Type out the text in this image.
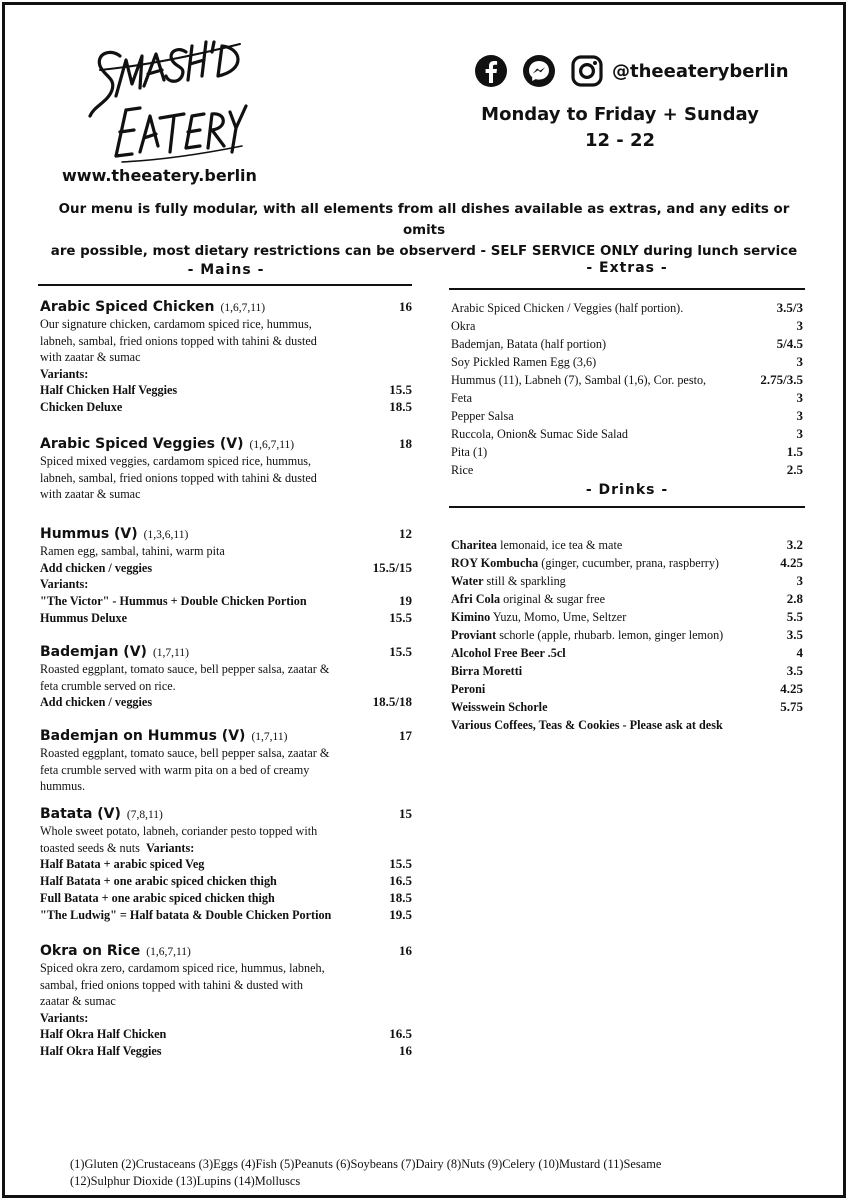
www.theeatery.berlin
@theeateryberlin
Monday to Friday + Sunday
12 - 22
Our menu is fully modular, with all elements from all dishes available as extras, and any edits or omits
are possible, most dietary restrictions can be observerd - SELF SERVICE ONLY during lunch service
- Mains -	- Extras -
- Drinks -
Arabic Spiced Chicken (1,6,7,11)	16
Our signature chicken, cardamom spiced rice, hummus,
labneh, sambal, fried onions topped with tahini & dusted
with zaatar & sumac
Variants:
Half Chicken Half Veggies	15.5
Chicken Deluxe	18.5
Arabic Spiced Veggies (V) (1,6,7,11)	18
Spiced mixed veggies, cardamom spiced rice, hummus,
labneh, sambal, fried onions topped with tahini & dusted
with zaatar & sumac
Hummus (V) (1,3,6,11)	12
Ramen egg, sambal, tahini, warm pita
Add chicken / veggies	15.5/15
Variants:
"The Victor" - Hummus + Double Chicken Portion	19
Hummus Deluxe	15.5
Bademjan (V) (1,7,11)	15.5
Roasted eggplant, tomato sauce, bell pepper salsa, zaatar &
feta crumble served on rice.
Add chicken / veggies	18.5/18
Bademjan on Hummus (V) (1,7,11)	17
Roasted eggplant, tomato sauce, bell pepper salsa, zaatar &
feta crumble served with warm pita on a bed of creamy
hummus.
Batata (V) (7,8,11)	15
Whole sweet potato, labneh, coriander pesto topped with
toasted seeds & nuts Variants:
Half Batata + arabic spiced Veg	15.5
Half Batata + one arabic spiced chicken thigh	16.5
Full Batata + one arabic spiced chicken thigh	18.5
"The Ludwig" = Half batata & Double Chicken Portion	19.5
Okra on Rice (1,6,7,11)	16
Spiced okra zero, cardamom spiced rice, hummus, labneh,
sambal, fried onions topped with tahini & dusted with
zaatar & sumac
Variants:
Half Okra Half Chicken	16.5
Half Okra Half Veggies	16
Arabic Spiced Chicken / Veggies (half portion).	3.5/3
Okra	3
Bademjan, Batata (half portion)	5/4.5
Soy Pickled Ramen Egg (3,6)	3
Hummus (11), Labneh (7), Sambal (1,6), Cor. pesto,	2.75/3.5
Feta	3
Pepper Salsa	3
Ruccola, Onion& Sumac Side Salad	3
Pita (1)	1.5
Rice	2.5
Charitea lemonaid, ice tea & mate	3.2
ROY Kombucha (ginger, cucumber, prana, raspberry)	4.25
Water still & sparkling	3
Afri Cola original & sugar free	2.8
Kimino Yuzu, Momo, Ume, Seltzer	5.5
Proviant schorle (apple, rhubarb. lemon, ginger lemon)	3.5
Alcohol Free Beer .5cl	4
Birra Moretti	3.5
Peroni	4.25
Weisswein Schorle	5.75
Various Coffees, Teas & Cookies - Please ask at desk
(1)Gluten (2)Crustaceans (3)Eggs (4)Fish (5)Peanuts (6)Soybeans (7)Dairy (8)Nuts (9)Celery (10)Mustard (11)Sesame
(12)Sulphur Dioxide (13)Lupins (14)Molluscs
